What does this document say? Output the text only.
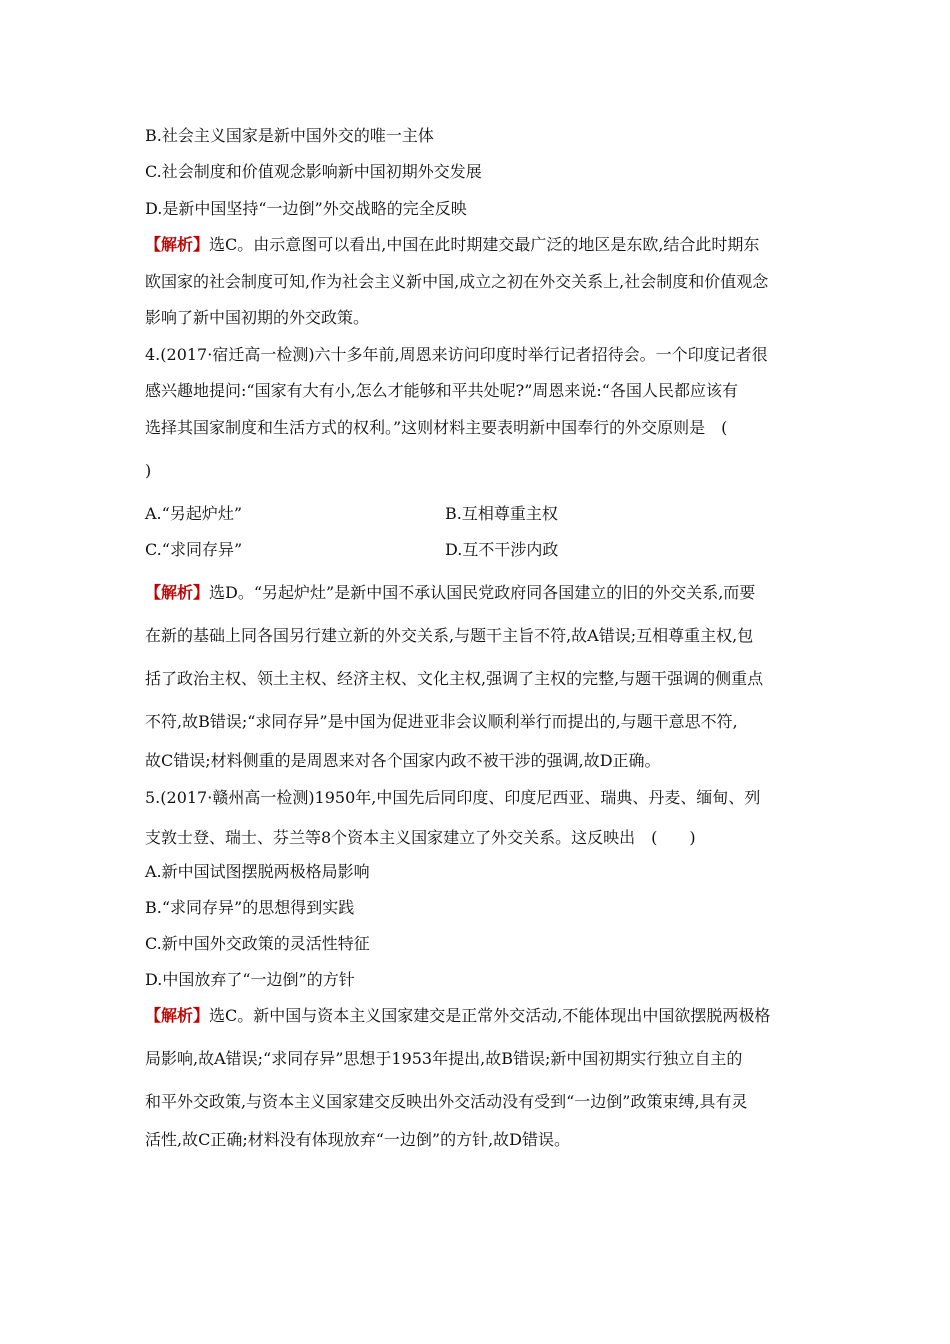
B.社会主义国家是新中国外交的唯一主体
C.社会制度和价值观念影响新中国初期外交发展
D.是新中国坚持“一边倒”外交战略的完全反映
【解析】选C。由示意图可以看出,中国在此时期建交最广泛的地区是东欧,结合此时期东
欧国家的社会制度可知,作为社会主义新中国,成立之初在外交关系上,社会制度和价值观念
影响了新中国初期的外交政策。
4.(2017·宿迁高一检测)六十多年前,周恩来访问印度时举行记者招待会。一个印度记者很
感兴趣地提问:“国家有大有小,怎么才能够和平共处呢?”周恩来说:“各国人民都应该有
选择其国家制度和生活方式的权利。”这则材料主要表明新中国奉行的外交原则是　(
)
A.“另起炉灶”	B.互相尊重主权
C.“求同存异”	D.互不干涉内政
【解析】选D。“另起炉灶”是新中国不承认国民党政府同各国建立的旧的外交关系,而要
在新的基础上同各国另行建立新的外交关系,与题干主旨不符,故A错误;互相尊重主权,包
括了政治主权、领土主权、经济主权、文化主权,强调了主权的完整,与题干强调的侧重点
不符,故B错误;“求同存异”是中国为促进亚非会议顺利举行而提出的,与题干意思不符,
故C错误;材料侧重的是周恩来对各个国家内政不被干涉的强调,故D正确。
5.(2017·赣州高一检测)1950年,中国先后同印度、印度尼西亚、瑞典、丹麦、缅甸、列
支敦士登、瑞士、芬兰等8个资本主义国家建立了外交关系。这反映出　(　　)
A.新中国试图摆脱两极格局影响
B.“求同存异”的思想得到实践
C.新中国外交政策的灵活性特征
D.中国放弃了“一边倒”的方针
【解析】选C。新中国与资本主义国家建交是正常外交活动,不能体现出中国欲摆脱两极格
局影响,故A错误;“求同存异”思想于1953年提出,故B错误;新中国初期实行独立自主的
和平外交政策,与资本主义国家建交反映出外交活动没有受到“一边倒”政策束缚,具有灵
活性,故C正确;材料没有体现放弃“一边倒”的方针,故D错误。
